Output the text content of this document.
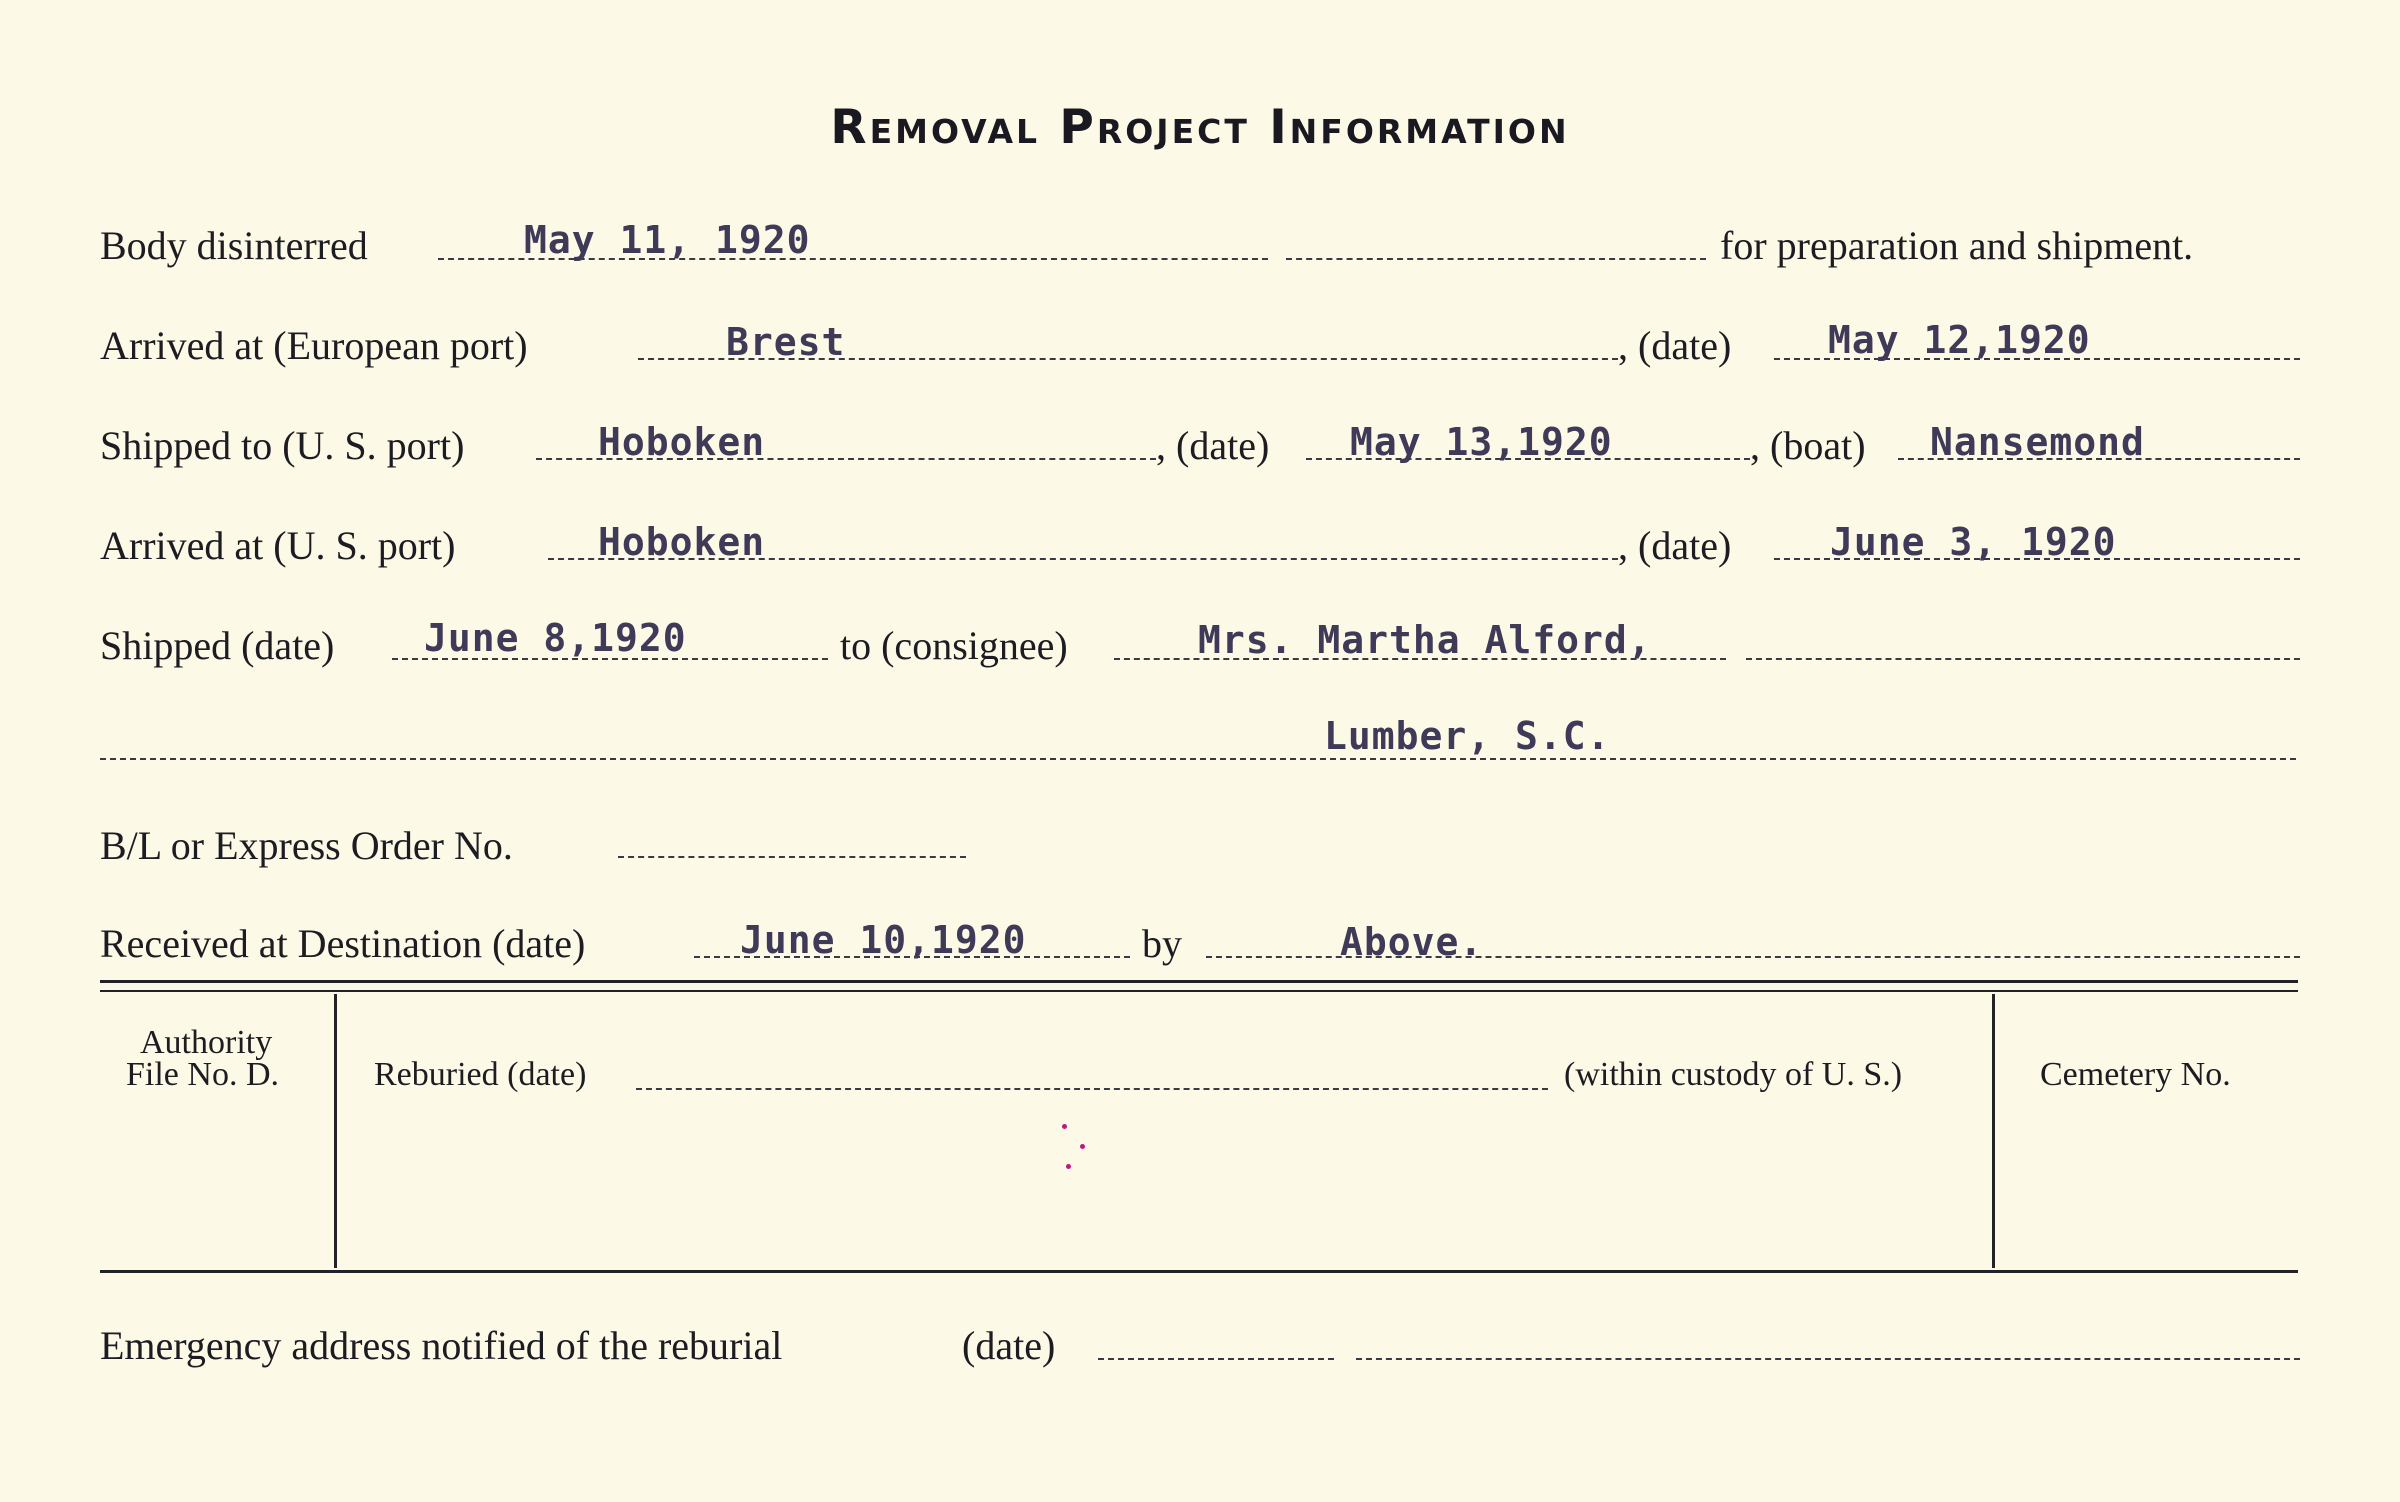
Removal Project Information
Body disinterred	May 11, 1920	for preparation and shipment.
Arrived at (European port)	Brest	, (date)	May 12,1920
Shipped to (U. S. port)	Hoboken	, (date) May 13,1920	, (boat) Nansemond
Arrived at (U. S. port)	Hoboken	, (date)	June 3, 1920
Shipped (date) June 8,1920	to (consignee)	Mrs. Martha Alford,
Lumber, S.C.
B/L or Express Order No.
Received at Destination (date)	June 10,1920	by	Above.
Authority
File No. D.	Reburied (date)	(within custody of U. S.)	Cemetery No.
Emergency address notified of the reburial	(date)
